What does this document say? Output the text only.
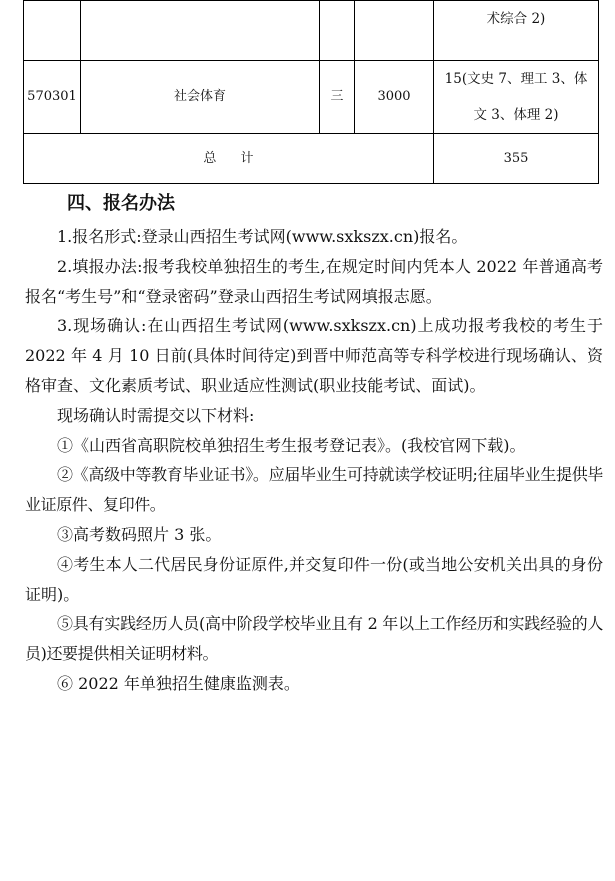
				术综合 2)

570301	社会体育	三	3000	15(文史 7、理工 3、体
文 3、体理 2)

总 计				355
四、报名办法

1.报名形式:登录山西招生考试网(www.sxkszx.cn)报名。

2.填报办法:报考我校单独招生的考生,在规定时间内凭本人 2022 年普通高考报名“考生号”和“登录密码”登录山西招生考试网填报志愿。

3.现场确认:在山西招生考试网(www.sxkszx.cn)上成功报考我校的考生于 2022 年 4 月 10 日前(具体时间待定)到晋中师范高等专科学校进行现场确认、资格审查、文化素质考试、职业适应性测试(职业技能考试、面试)。

现场确认时需提交以下材料:

①《山西省高职院校单独招生考生报考登记表》。(我校官网下载)。

②《高级中等教育毕业证书》。应届毕业生可持就读学校证明;往届毕业生提供毕业证原件、复印件。

③高考数码照片 3 张。

④考生本人二代居民身份证原件,并交复印件一份(或当地公安机关出具的身份证明)。

⑤具有实践经历人员(高中阶段学校毕业且有 2 年以上工作经历和实践经验的人员)还要提供相关证明材料。

⑥ 2022 年单独招生健康监测表。
